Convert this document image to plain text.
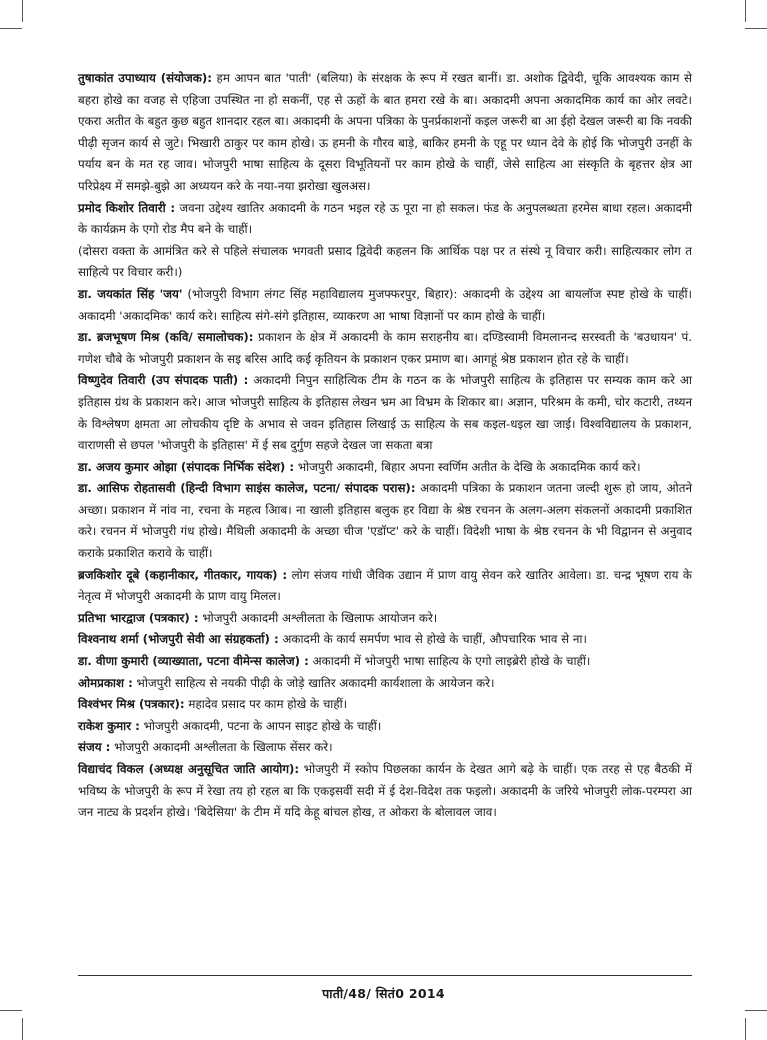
तुषाकांत उपाध्याय (संयोजक): हम आपन बात 'पाती' (बलिया) के संरक्षक के रूप में रखत बानीं। डा. अशोक द्विवेदी, चूकि आवश्यक काम से बहरा होखे का वजह से एहिजा उपस्थित ना हो सकनीं, एह से ऊहों के बात हमरा रखे के बा। अकादमी अपना अकादमिक कार्य का ओर लवटे। एकरा अतीत के बहुत कुछ बहुत शानदार रहल बा। अकादमी के अपना पत्रिका के पुनर्प्रकाशनों कइल जरूरी बा आ ईहो देखल जरूरी बा कि नवकी पीढ़ी सृजन कार्य से जुटे। भिखारी ठाकुर पर काम होखे। ऊ हमनी के गौरव बाड़े, बाकिर हमनी के एहू पर ध्यान देवे के होई कि भोजपुरी उनहीं के पर्याय बन के मत रह जाव। भोजपुरी भाषा साहित्य के दूसरा विभूतियनों पर काम होखे के चाहीं, जेसे साहित्य आ संस्कृति के बृहत्तर क्षेत्र आ परिप्रेक्ष्य में समझे-बुझे आ अध्ययन करे के नया-नया झरोखा खुलअस।

प्रमोद किशोर तिवारी : जवना उद्देश्य खातिर अकादमी के गठन भइल रहे ऊ पूरा ना हो सकल। फंड के अनुपलब्धता हरमेस बाधा रहल। अकादमी के कार्यक्रम के एगो रोड मैप बने के चाहीं।

(दोसरा वक्ता के आमंत्रित करे से पहिले संचालक भगवती प्रसाद द्विवेदी कहलन कि आर्थिक पक्ष पर त संस्थे नू विचार करी। साहित्यकार लोग त साहित्ये पर विचार करी।)

डा. जयकांत सिंह 'जय' (भोजपुरी विभाग लंगट सिंह महाविद्यालय मुजफ्फरपुर, बिहार): अकादमी के उद्देश्य आ बायलॉज स्पष्ट होखे के चाहीं। अकादमी 'अकादमिक' कार्य करे। साहित्य संगे-संगे इतिहास, व्याकरण आ भाषा विज्ञानों पर काम होखे के चाहीं।

डा. ब्रजभूषण मिश्र (कवि/ समालोचक): प्रकाशन के क्षेत्र में अकादमी के काम सराहनीय बा। दण्डिस्वामी विमलानन्द सरस्वती के 'बउधायन' पं. गणेश चौबे के भोजपुरी प्रकाशन के सइ बरिस आदि कई कृतियन के प्रकाशन एकर प्रमाण बा। आगहूं श्रेष्ठ प्रकाशन होत रहे के चाहीं।

विष्णुदेव तिवारी (उप संपादक पाती) : अकादमी निपुन साहित्यिक टीम के गठन क के भोजपुरी साहित्य के इतिहास पर सम्यक काम करे आ इतिहास ग्रंथ के प्रकाशन करे। आज भोजपुरी साहित्य के इतिहास लेखन भ्रम आ विभ्रम के शिकार बा। अज्ञान, परिश्रम के कमी, चोर कटारी, तथ्यन के विश्लेषण क्षमता आ लोचकीय दृष्टि के अभाव से जवन इतिहास लिखाई ऊ साहित्य के सब कइल-धइल खा जाई। विश्वविद्यालय के प्रकाशन, वाराणसी से छपल 'भोजपुरी के इतिहास' में ई सब दुर्गुण सहजे देखल जा सकता बत्रा

डा. अजय कुमार ओझा (संपादक निर्भिक संदेश) : भोजपुरी अकादमी, बिहार अपना स्वर्णिम अतीत के देखि के अकादमिक कार्य करे।

डा. आसिफ रोहतासवी (हिन्दी विभाग साइंस कालेज, पटना/ संपादक परास): अकादमी पत्रिका के प्रकाशन जतना जल्दी शुरू हो जाय, ओतने अच्छा। प्रकाशन में नांव ना, रचना के महत्व आिब। ना खाली इतिहास बलुक हर विद्या के श्रेष्ठ रचनन के अलग-अलग संकलनों अकादमी प्रकाशित करे। रचनन में भोजपुरी गंध होखे। मैथिली अकादमी के अच्छा चीज 'एडॉप्ट' करे के चाहीं। विदेशी भाषा के श्रेष्ठ रचनन के भी विद्वानन से अनुवाद कराके प्रकाशित करावे के चाहीं।

ब्रजकिशोर दूबे (कहानीकार, गीतकार, गायक) : लोग संजय गांधी जैविक उद्यान में प्राण वायु सेवन करे खातिर आवेला। डा. चन्द्र भूषण राय के नेतृत्व में भोजपुरी अकादमी के प्राण वायु मिलल।

प्रतिभा भारद्वाज (पत्रकार) : भोजपुरी अकादमी अश्लीलता के खिलाफ आयोजन करे।

विश्वनाथ शर्मा (भोजपुरी सेवी आ संग्रहकर्ता) : अकादमी के कार्य समर्पण भाव से होखे के चाहीं, औपचारिक भाव से ना।

डा. वीणा कुमारी (व्याख्याता, पटना वीमेन्स कालेज) : अकादमी में भोजपुरी भाषा साहित्य के एगो लाइब्रेरी होखे के चाहीं।

ओमप्रकाश : भोजपुरी साहित्य से नयकी पीढ़ी के जोड़े खातिर अकादमी कार्यशाला के आयेजन करे।

विश्वंभर मिश्र (पत्रकार): महादेव प्रसाद पर काम होखे के चाहीं।

राकेश कुमार : भोजपुरी अकादमी, पटना के आपन साइट होखे के चाहीं।

संजय : भोजपुरी अकादमी अश्लीलता के खिलाफ सेंसर करे।

विद्याचंद विकल (अध्यक्ष अनुसूचित जाति आयोग): भोजपुरी में स्कोप पिछलका कार्यन के देखत आगे बढ़े के चाहीं। एक तरह से एह बैठकी में भविष्य के भोजपुरी के रूप में रेखा तय हो रहल बा कि एकइसवीं सदी में ई देश-विदेश तक फइलो। अकादमी के जरिये भोजपुरी लोक-परम्परा आ जन नाट्य के प्रदर्शन होखे। 'बिदेसिया' के टीम में यदि केहू बांचल होख, त ओकरा के बोलावल जाव।

पाती/48/ सितं0 2014
